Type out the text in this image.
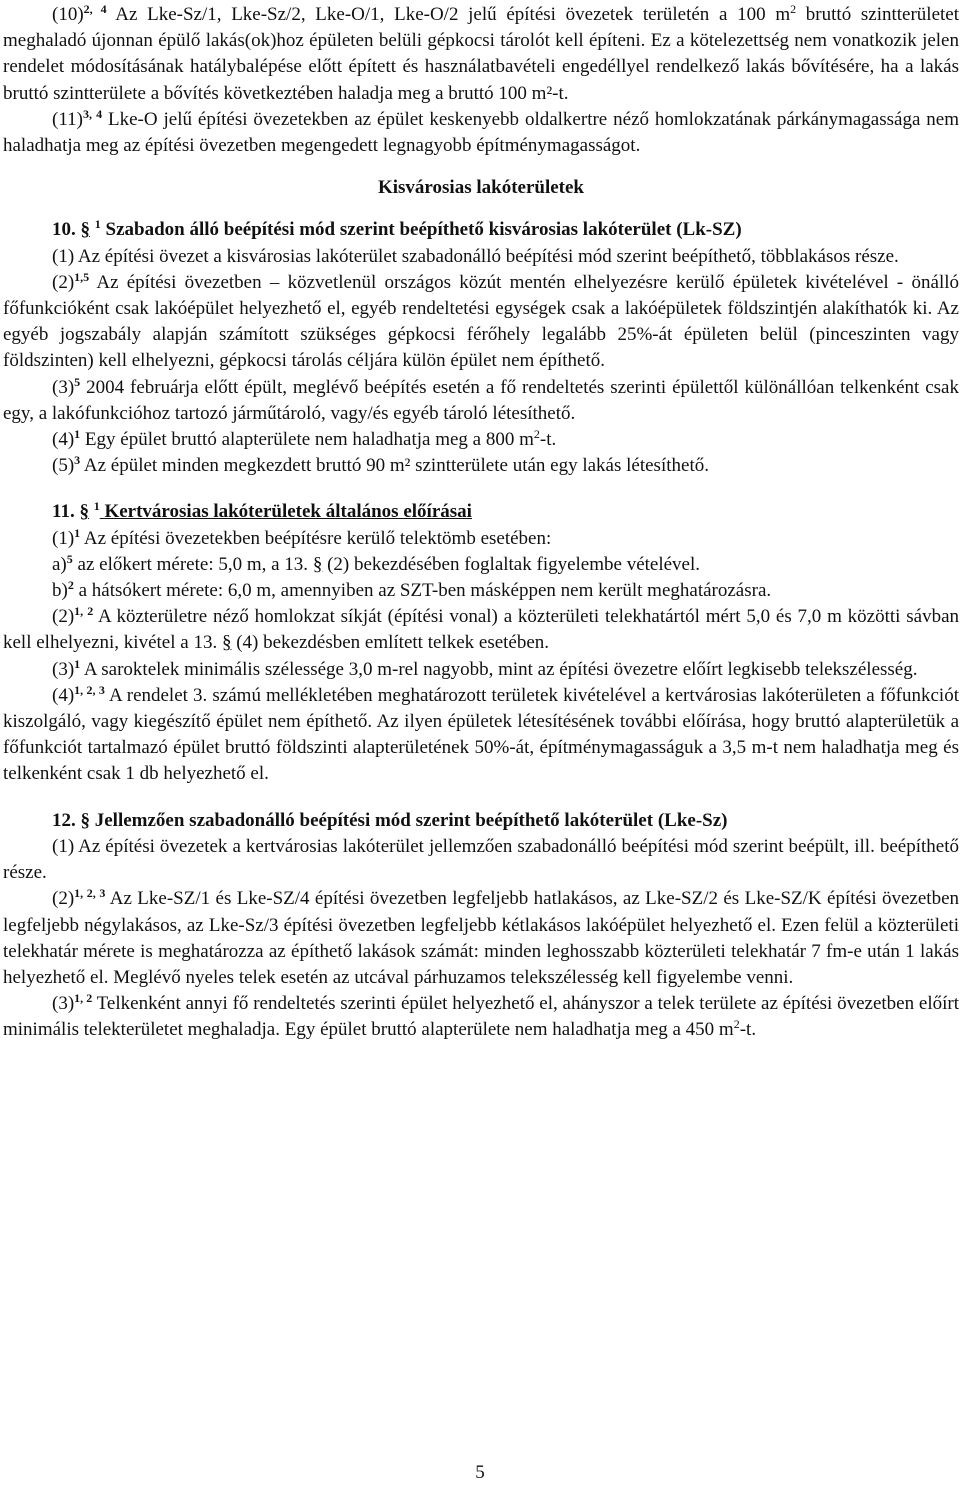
$(10)^{2, 4}$ Az Lke-Sz/1, Lke-Sz/2, Lke-O/1, Lke-O/2 jelű építési övezetek területén a 100 $m^2$ bruttó szintterületet meghaladó újonnan épülő lakás(ok)hoz épületen belüli gépkocsi tárolót kell építeni. Ez a kötelezettség nem vonatkozik jelen rendelet módosításának hatálybalépése előtt épített és használatbavételi engedéllyel rendelkező lakás bővítésére, ha a lakás bruttó szintterülete a bővítés következtében haladja meg a bruttó 100 m²-t.

$(11)^{3, 4}$ Lke-O jelű építési övezetekben az épület keskenyebb oldalkertre néző homlokzatának párkánymagassága nem haladhatja meg az építési övezetben megengedett legnagyobb építménymagasságot.

Kisvárosias lakóterületek

10. § $^1$ Szabadon álló beépítési mód szerint beépíthető kisvárosias lakóterület (Lk-SZ)

(1) Az építési övezet a kisvárosias lakóterület szabadonálló beépítési mód szerint beépíthető, többlakásos része.

$(2)^{1,5}$ Az építési övezetben – közvetlenül országos közút mentén elhelyezésre kerülő épületek kivételével - önálló főfunkcióként csak lakóépület helyezhető el, egyéb rendeltetési egységek csak a lakóépületek földszintjén alakíthatók ki. Az egyéb jogszabály alapján számított szükséges gépkocsi férőhely legalább 25%-át épületen belül (pinceszinten vagy földszinten) kell elhelyezni, gépkocsi tárolás céljára külön épület nem építhető.

$(3)^5$ 2004 februárja előtt épült, meglévő beépítés esetén a fő rendeltetés szerinti épülettől különállóan telkenként csak egy, a lakófunkcióhoz tartozó járműtároló, vagy/és egyéb tároló létesíthető.

$(4)^1$ Egy épület bruttó alapterülete nem haladhatja meg a 800 $m^2-t$.

$(5)^3$ Az épület minden megkezdett bruttó 90 m² szintterülete után egy lakás létesíthető.

11. § $^1$ Kertvárosias lakóterületek általános előírásai

$(1)^1$ Az építési övezetekben beépítésre kerülő telektömb esetében:

a)$^5$ az előkert mérete: 5,0 m, a 13. § (2) bekezdésében foglaltak figyelembe vételével.

b)$^2$ a hátsókert mérete: 6,0 m, amennyiben az SZT-ben másképpen nem került meghatározásra.

$(2)^{1, 2}$ A közterületre néző homlokzat síkját (építési vonal) a közterületi telekhatártól mért 5,0 és 7,0 m közötti sávban kell elhelyezni, kivétel a 13. § (4) bekezdésben említett telkek esetében.

$(3)^1$ A saroktelek minimális szélessége 3,0 m-rel nagyobb, mint az építési övezetre előírt legkisebb telekszélesség.

$(4)^{1, 2, 3}$ A rendelet 3. számú mellékletében meghatározott területek kivételével a kertvárosias lakóterületen a főfunkciót kiszolgáló, vagy kiegészítő épület nem építhető. Az ilyen épületek létesítésének további előírása, hogy bruttó alapterületük a főfunkciót tartalmazó épület bruttó földszinti alapterületének 50%-át, építménymagasságuk a 3,5 m-t nem haladhatja meg és telkenként csak 1 db helyezhető el.

12. § Jellemzően szabadonálló beépítési mód szerint beépíthető lakóterület (Lke-Sz)

(1) Az építési övezetek a kertvárosias lakóterület jellemzően szabadonálló beépítési mód szerint beépült, ill. beépíthető része.

$(2)^{1, 2, 3}$ Az Lke-SZ/1 és Lke-SZ/4 építési övezetben legfeljebb hatlakásos, az Lke-SZ/2 és Lke-SZ/K építési övezetben legfeljebb négylakásos, az Lke-Sz/3 építési övezetben legfeljebb kétlakásos lakóépület helyezhető el. Ezen felül a közterületi telekhatár mérete is meghatározza az építhető lakások számát: minden leghosszabb közterületi telekhatár 7 fm-e után 1 lakás helyezhető el. Meglévő nyeles telek esetén az utcával párhuzamos telekszélesség kell figyelembe venni.

$(3)^{1, 2}$ Telkenként annyi fő rendeltetés szerinti épület helyezhető el, ahányszor a telek területe az építési övezetben előírt minimális telekterületet meghaladja. Egy épület bruttó alapterülete nem haladhatja meg a 450 $m^2-t$.

5
